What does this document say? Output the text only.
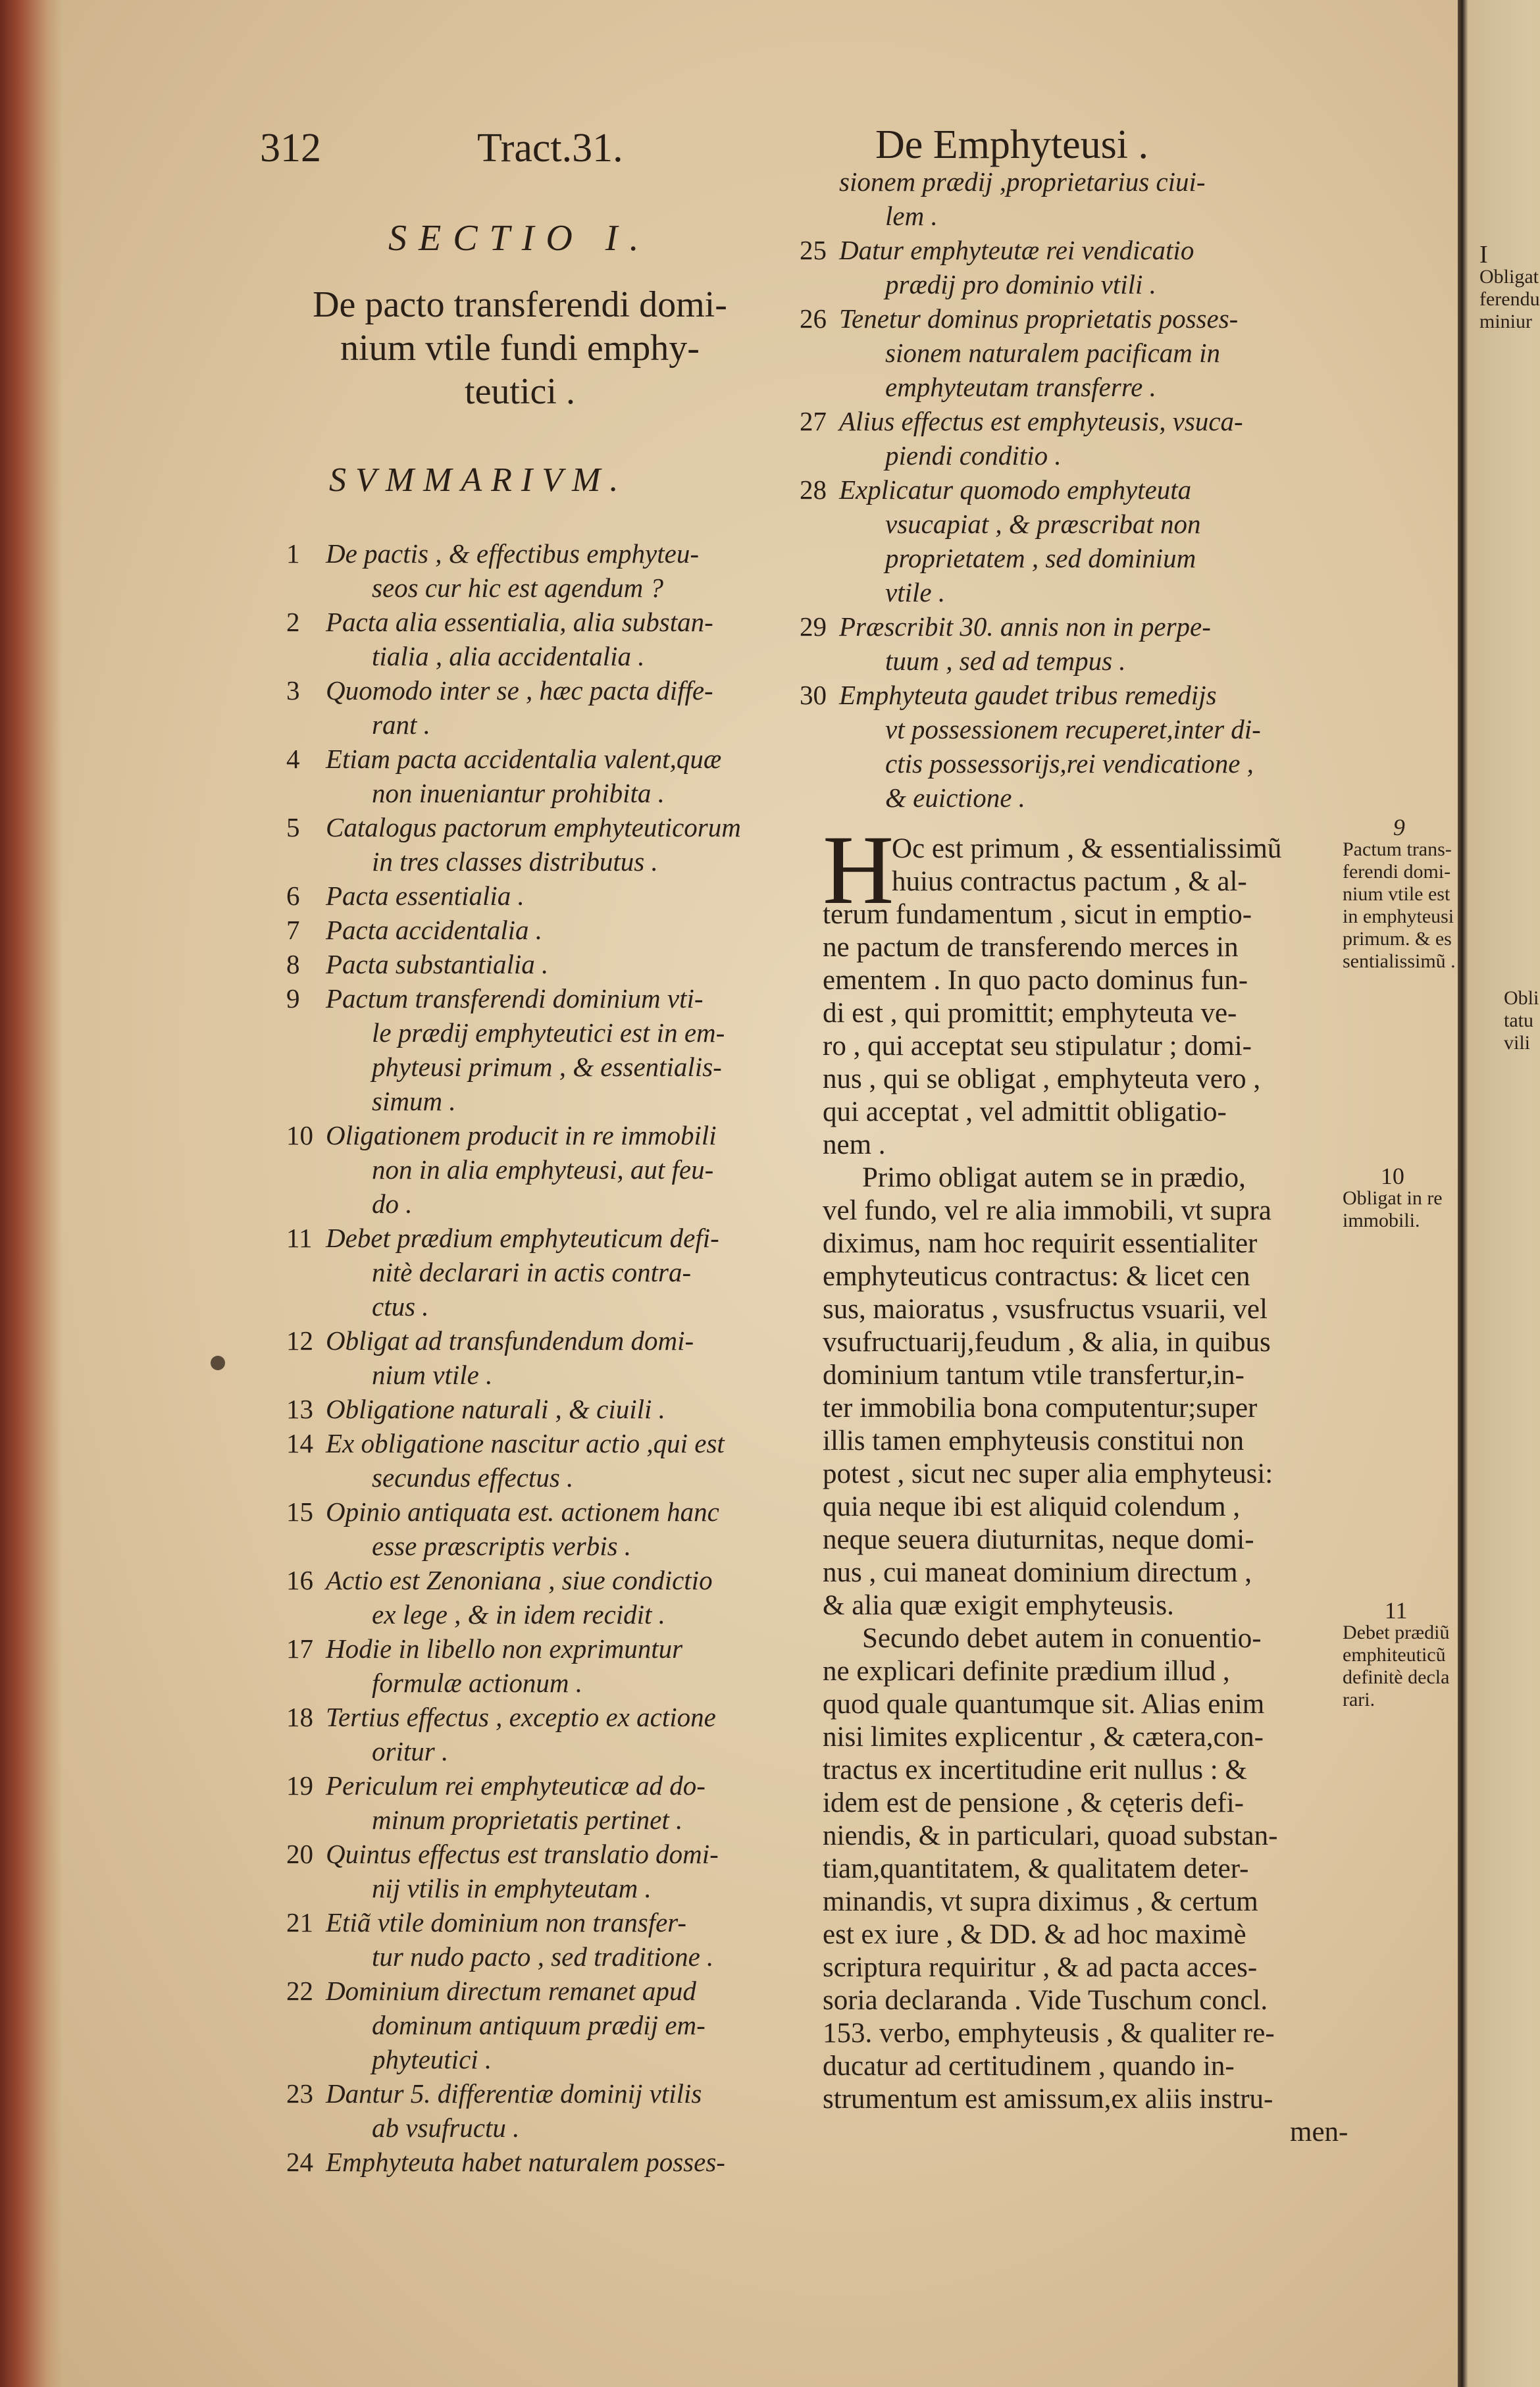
312	Tract.31.	De Emphyteusi .
SECTIO I.
De pacto transferendi domi-
nium vtile fundi emphy-
teutici .
SVMMARIVM.
1 De pactis , & effectibus emphyteu-
seos cur hic est agendum ?
2 Pacta alia essentialia, alia substan-
tialia , alia accidentalia .
3 Quomodo inter se , hæc pacta diffe-
rant .
4 Etiam pacta accidentalia valent,quæ
non inueniantur prohibita .
5 Catalogus pactorum emphyteuticorum
in tres classes distributus .
6 Pacta essentialia .
7 Pacta accidentalia .
8 Pacta substantialia .
9 Pactum transferendi dominium vti-
le prædij emphyteutici est in em-
phyteusi primum , & essentialis-
simum .
10 Oligationem producit in re immobili
non in alia emphyteusi, aut feu-
do .
11 Debet prædium emphyteuticum defi-
nitè declarari in actis contra-
ctus .
12 Obligat ad transfundendum domi-
nium vtile .
13 Obligatione naturali , & ciuili .
14 Ex obligatione nascitur actio ,qui est
secundus effectus .
15 Opinio antiquata est. actionem hanc
esse præscriptis verbis .
16 Actio est Zenoniana , siue condictio
ex lege , & in idem recidit .
17 Hodie in libello non exprimuntur
formulæ actionum .
18 Tertius effectus , exceptio ex actione
oritur .
19 Periculum rei emphyteuticæ ad do-
minum proprietatis pertinet .
20 Quintus effectus est translatio domi-
nij vtilis in emphyteutam .
21 Etiã vtile dominium non transfer-
tur nudo pacto , sed traditione .
22 Dominium directum remanet apud
dominum antiquum prædij em-
phyteutici .
23 Dantur 5. differentiæ dominij vtilis
ab vsufructu .
24 Emphyteuta habet naturalem posses-
sionem prædij ,proprietarius ciui-
lem .
25 Datur emphyteutæ rei vendicatio
prædij pro dominio vtili .
26 Tenetur dominus proprietatis posses-
sionem naturalem pacificam in
emphyteutam transferre .
27 Alius effectus est emphyteusis, vsuca-
piendi conditio .
28 Explicatur quomodo emphyteuta
vsucapiat , & præscribat non
proprietatem , sed dominium
vtile .
29 Præscribit 30. annis non in perpe-
tuum , sed ad tempus .
30 Emphyteuta gaudet tribus remedijs
vt possessionem recuperet,inter di-
ctis possessorijs,rei vendicatione ,
& euictione .
Oc est primum , & essentialissimũ
huius contractus pactum , & al-
terum fundamentum , sicut in emptio-
ne pactum de transferendo merces in
ementem . In quo pacto dominus fun-
di est , qui promittit; emphyteuta ve-
ro , qui acceptat seu stipulatur ; domi-
nus , qui se obligat , emphyteuta vero ,
qui acceptat , vel admittit obligatio-
nem .
H
Primo obligat autem se in prædio,
vel fundo, vel re alia immobili, vt supra
diximus, nam hoc requirit essentialiter
emphyteuticus contractus: & licet cen
sus, maioratus , vsusfructus vsuarii, vel
vsufructuarij,feudum , & alia, in quibus
dominium tantum vtile transfertur,in-
ter immobilia bona computentur;super
illis tamen emphyteusis constitui non
potest , sicut nec super alia emphyteusi:
quia neque ibi est aliquid colendum ,
neque seuera diuturnitas, neque domi-
nus , cui maneat dominium directum ,
& alia quæ exigit emphyteusis.
Secundo debet autem in conuentio-
ne explicari definite prædium illud ,
quod quale quantumque sit. Alias enim
nisi limites explicentur , & cætera,con-
tractus ex incertitudine erit nullus : &
idem est de pensione , & cęteris defi-
niendis, & in particulari, quoad substan-
tiam,quantitatem, & qualitatem deter-
minandis, vt supra diximus , & certum
est ex iure , & DD. & ad hoc maximè
scriptura requiritur , & ad pacta acces-
soria declaranda . Vide Tuschum concl.
153. verbo, emphyteusis , & qualiter re-
ducatur ad certitudinem , quando in-
strumentum est amissum,ex aliis instru-
men-
9
Pactum trans-
ferendi domi-
nium vtile est
in emphyteusi
primum. & es
sentialissimũ .
10
Obligat in re
immobili.
11
Debet prædiũ
emphiteuticũ
definitè decla
rari.
I
Obligat
ferendu
miniur
Obli
tatu
vili
